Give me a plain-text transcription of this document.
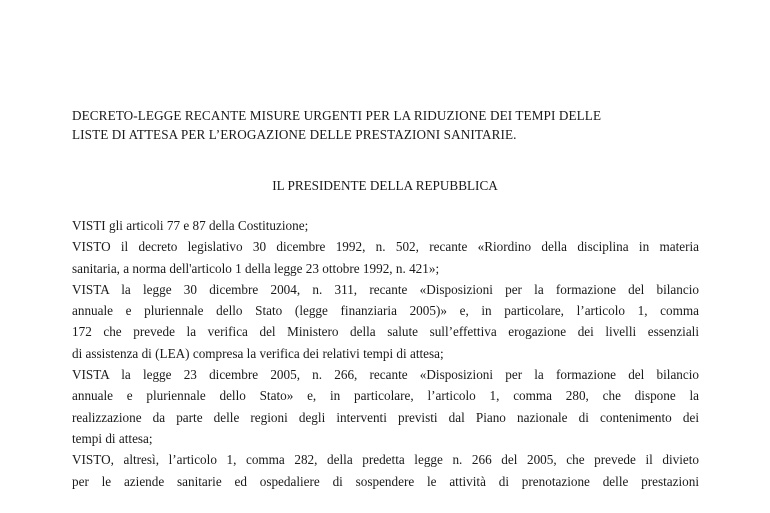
DECRETO-LEGGE RECANTE MISURE URGENTI PER LA RIDUZIONE DEI TEMPI DELLE
LISTE DI ATTESA PER L’EROGAZIONE DELLE PRESTAZIONI SANITARIE.
IL PRESIDENTE DELLA REPUBBLICA
VISTI gli articoli 77 e 87 della Costituzione;
VISTO il decreto legislativo 30 dicembre 1992, n. 502, recante «Riordino della disciplina in materia
sanitaria, a norma dell'articolo 1 della legge 23 ottobre 1992, n. 421»;
VISTA la legge 30 dicembre 2004, n. 311, recante «Disposizioni per la formazione del bilancio
annuale e pluriennale dello Stato (legge finanziaria 2005)» e, in particolare, l’articolo 1, comma
172 che prevede la verifica del Ministero della salute sull’effettiva erogazione dei livelli essenziali
di assistenza di (LEA) compresa la verifica dei relativi tempi di attesa;
VISTA la legge 23 dicembre 2005, n. 266, recante «Disposizioni per la formazione del bilancio
annuale e pluriennale dello Stato» e, in particolare, l’articolo 1, comma 280, che dispone la
realizzazione da parte delle regioni degli interventi previsti dal Piano nazionale di contenimento dei
tempi di attesa;
VISTO, altresì, l’articolo 1, comma 282, della predetta legge n. 266 del 2005, che prevede il divieto
per le aziende sanitarie ed ospedaliere di sospendere le attività di prenotazione delle prestazioni
